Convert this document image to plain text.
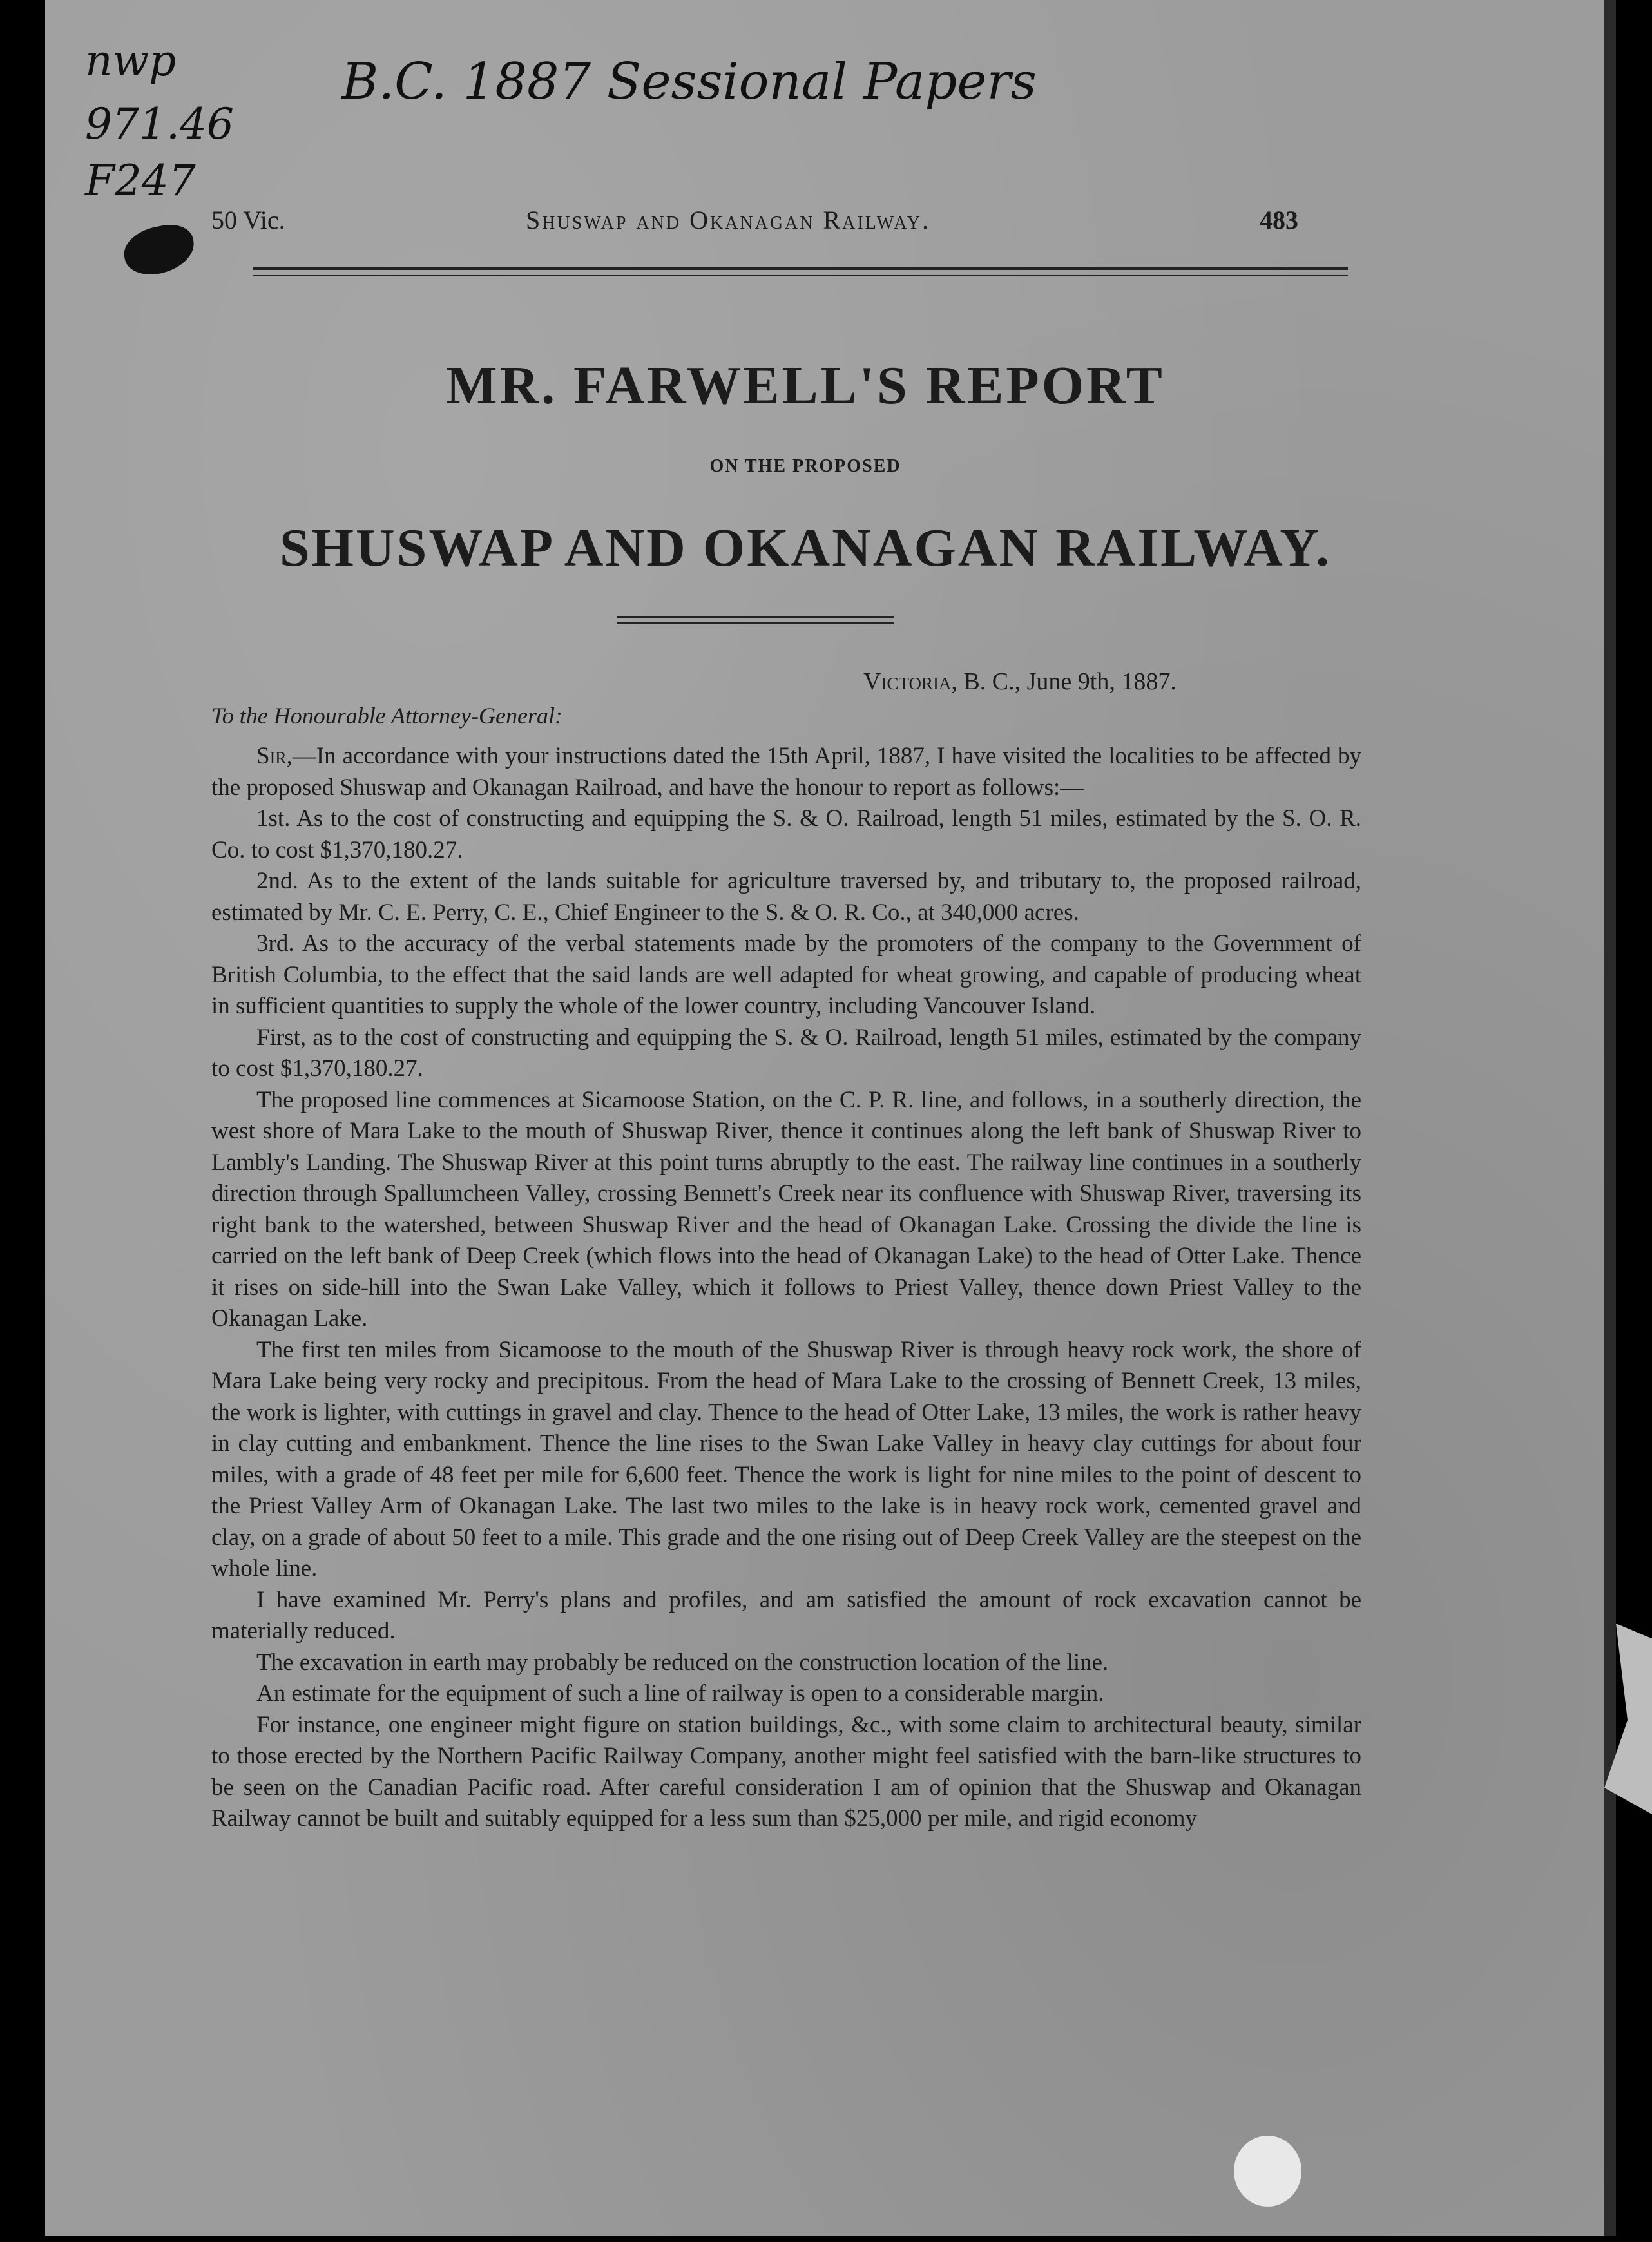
nwp
971.46
F247
B.C. 1887 Sessional Papers
50 Vic.	Shuswap and Okanagan Railway.	483
MR. FARWELL'S REPORT
ON THE PROPOSED
SHUSWAP AND OKANAGAN RAILWAY.
Victoria, B. C., June 9th, 1887.
To the Honourable Attorney-General:

Sir,—In accordance with your instructions dated the 15th April, 1887, I have visited the localities to be affected by the proposed Shuswap and Okanagan Railroad, and have the honour to report as follows:—

1st. As to the cost of constructing and equipping the S. & O. Railroad, length 51 miles, estimated by the S. O. R. Co. to cost $1,370,180.27.

2nd. As to the extent of the lands suitable for agriculture traversed by, and tributary to, the proposed railroad, estimated by Mr. C. E. Perry, C. E., Chief Engineer to the S. & O. R. Co., at 340,000 acres.

3rd. As to the accuracy of the verbal statements made by the promoters of the company to the Government of British Columbia, to the effect that the said lands are well adapted for wheat growing, and capable of producing wheat in sufficient quantities to supply the whole of the lower country, including Vancouver Island.

First, as to the cost of constructing and equipping the S. & O. Railroad, length 51 miles, estimated by the company to cost $1,370,180.27.

The proposed line commences at Sicamoose Station, on the C. P. R. line, and follows, in a southerly direction, the west shore of Mara Lake to the mouth of Shuswap River, thence it continues along the left bank of Shuswap River to Lambly's Landing. The Shuswap River at this point turns abruptly to the east. The railway line continues in a southerly direction through Spallumcheen Valley, crossing Bennett's Creek near its confluence with Shuswap River, traversing its right bank to the watershed, between Shuswap River and the head of Okanagan Lake. Crossing the divide the line is carried on the left bank of Deep Creek (which flows into the head of Okanagan Lake) to the head of Otter Lake. Thence it rises on side-hill into the Swan Lake Valley, which it follows to Priest Valley, thence down Priest Valley to the Okanagan Lake.

The first ten miles from Sicamoose to the mouth of the Shuswap River is through heavy rock work, the shore of Mara Lake being very rocky and precipitous. From the head of Mara Lake to the crossing of Bennett Creek, 13 miles, the work is lighter, with cuttings in gravel and clay. Thence to the head of Otter Lake, 13 miles, the work is rather heavy in clay cutting and embankment. Thence the line rises to the Swan Lake Valley in heavy clay cuttings for about four miles, with a grade of 48 feet per mile for 6,600 feet. Thence the work is light for nine miles to the point of descent to the Priest Valley Arm of Okanagan Lake. The last two miles to the lake is in heavy rock work, cemented gravel and clay, on a grade of about 50 feet to a mile. This grade and the one rising out of Deep Creek Valley are the steepest on the whole line.

I have examined Mr. Perry's plans and profiles, and am satisfied the amount of rock excavation cannot be materially reduced.

The excavation in earth may probably be reduced on the construction location of the line.

An estimate for the equipment of such a line of railway is open to a considerable margin.

For instance, one engineer might figure on station buildings, &c., with some claim to architectural beauty, similar to those erected by the Northern Pacific Railway Company, another might feel satisfied with the barn-like structures to be seen on the Canadian Pacific road. After careful consideration I am of opinion that the Shuswap and Okanagan Railway cannot be built and suitably equipped for a less sum than $25,000 per mile, and rigid economy
